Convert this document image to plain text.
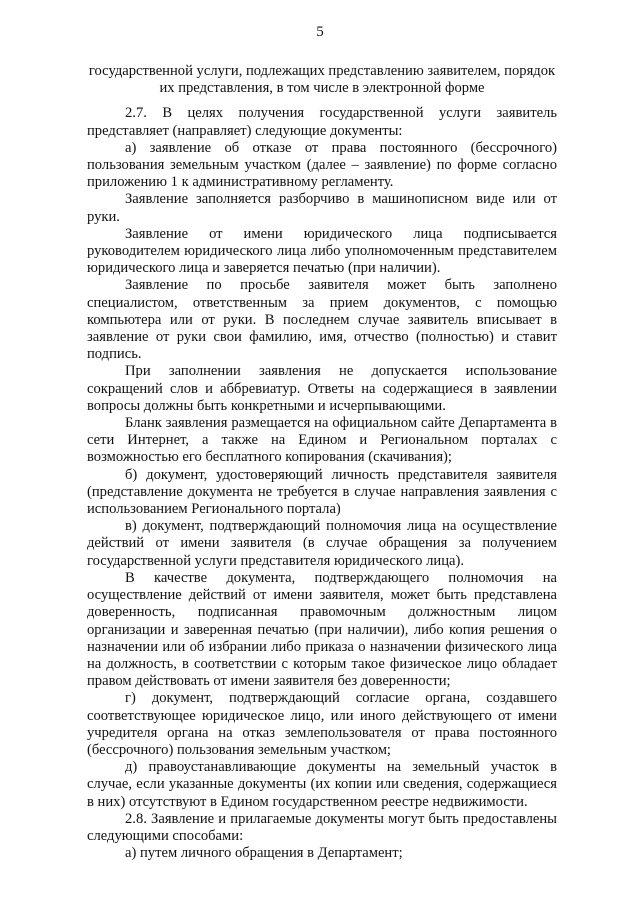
5

государственной услуги, подлежащих представлению заявителем, порядок их представления, в том числе в электронной форме

2.7. В целях получения государственной услуги заявитель представляет (направляет) следующие документы:

а) заявление об отказе от права постоянного (бессрочного) пользования земельным участком (далее – заявление) по форме согласно приложению 1 к административному регламенту.

Заявление заполняется разборчиво в машинописном виде или от руки.

Заявление от имени юридического лица подписывается руководителем юридического лица либо уполномоченным представителем юридического лица и заверяется печатью (при наличии).

Заявление по просьбе заявителя может быть заполнено специалистом, ответственным за прием документов, с помощью компьютера или от руки. В последнем случае заявитель вписывает в заявление от руки свои фамилию, имя, отчество (полностью) и ставит подпись.

При заполнении заявления не допускается использование сокращений слов и аббревиатур. Ответы на содержащиеся в заявлении вопросы должны быть конкретными и исчерпывающими.

Бланк заявления размещается на официальном сайте Департамента в сети Интернет, а также на Едином и Региональном порталах с возможностью его бесплатного копирования (скачивания);

б) документ, удостоверяющий личность представителя заявителя (представление документа не требуется в случае направления заявления с использованием Регионального портала)

в) документ, подтверждающий полномочия лица на осуществление действий от имени заявителя (в случае обращения за получением государственной услуги представителя юридического лица).

В качестве документа, подтверждающего полномочия на осуществление действий от имени заявителя, может быть представлена доверенность, подписанная правомочным должностным лицом организации и заверенная печатью (при наличии), либо копия решения о назначении или об избрании либо приказа о назначении физического лица на должность, в соответствии с которым такое физическое лицо обладает правом действовать от имени заявителя без доверенности;

г) документ, подтверждающий согласие органа, создавшего соответствующее юридическое лицо, или иного действующего от имени учредителя органа на отказ землепользователя от права постоянного (бессрочного) пользования земельным участком;

д) правоустанавливающие документы на земельный участок в случае, если указанные документы (их копии или сведения, содержащиеся в них) отсутствуют в Едином государственном реестре недвижимости.

2.8. Заявление и прилагаемые документы могут быть предоставлены следующими способами:

а) путем личного обращения в Департамент;
